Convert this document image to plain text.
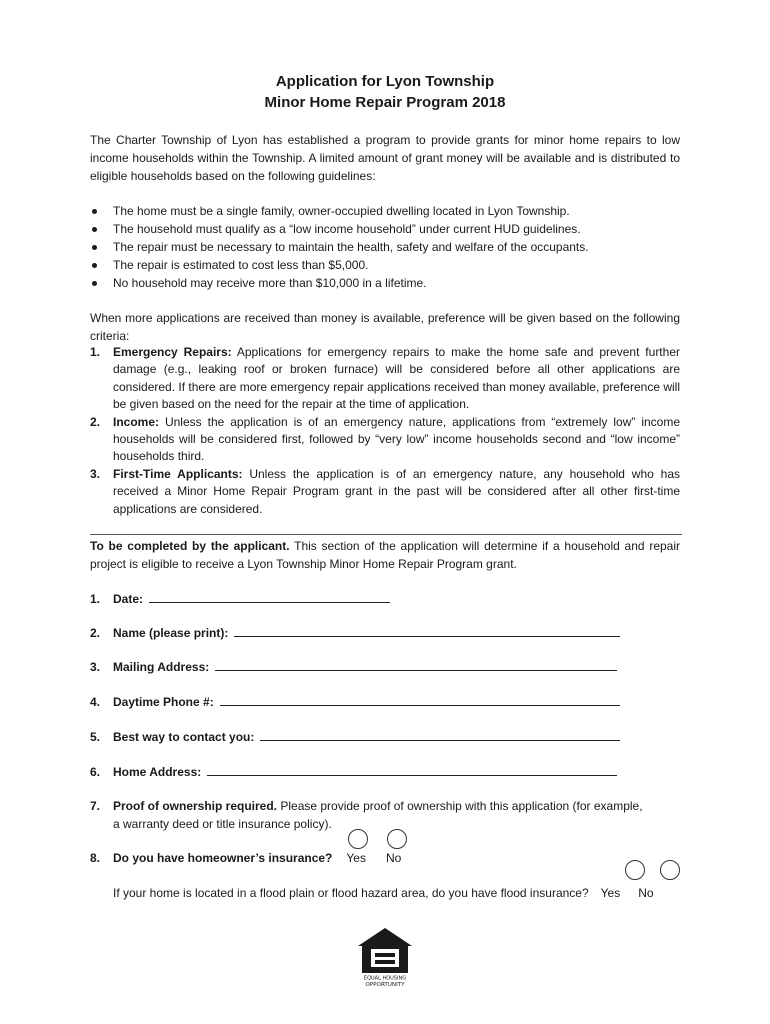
Application for Lyon Township
Minor Home Repair Program 2018
The Charter Township of Lyon has established a program to provide grants for minor home repairs to low income households within the Township. A limited amount of grant money will be available and is distributed to eligible households based on the following guidelines:
The home must be a single family, owner-occupied dwelling located in Lyon Township.
The household must qualify as a “low income household” under current HUD guidelines.
The repair must be necessary to maintain the health, safety and welfare of the occupants.
The repair is estimated to cost less than $5,000.
No household may receive more than $10,000 in a lifetime.
When more applications are received than money is available, preference will be given based on the following criteria:
1. Emergency Repairs: Applications for emergency repairs to make the home safe and prevent further damage (e.g., leaking roof or broken furnace) will be considered before all other applications are considered. If there are more emergency repair applications received than money available, preference will be given based on the need for the repair at the time of application.
2. Income: Unless the application is of an emergency nature, applications from “extremely low” income households will be considered first, followed by “very low” income households second and “low income” households third.
3. First-Time Applicants: Unless the application is of an emergency nature, any household who has received a Minor Home Repair Program grant in the past will be considered after all other first-time applications are considered.
To be completed by the applicant. This section of the application will determine if a household and repair project is eligible to receive a Lyon Township Minor Home Repair Program grant.
1. Date:
2. Name (please print):
3. Mailing Address:
4. Daytime Phone #:
5. Best way to contact you:
6. Home Address:
7. Proof of ownership required. Please provide proof of ownership with this application (for example,
a warranty deed or title insurance policy).
8. Do you have homeowner’s insurance? Yes No
If your home is located in a flood plain or flood hazard area, do you have flood insurance? Yes No
EQUAL HOUSING
OPPORTUNITY
